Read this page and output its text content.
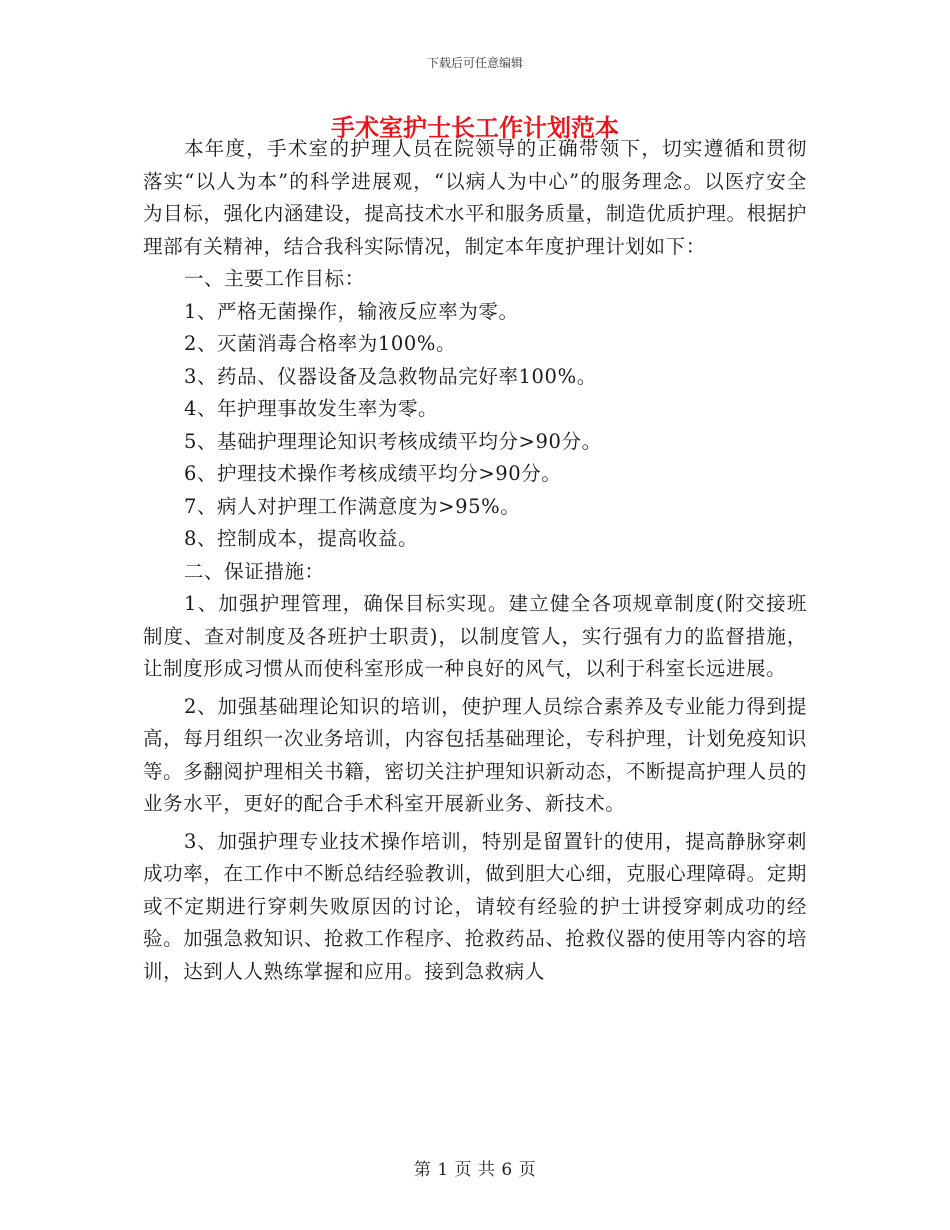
下载后可任意编辑
手术室护士长工作计划范本

本年度，手术室的护理人员在院领导的正确带领下，切实遵循和贯彻落实“以人为本”的科学进展观，“以病人为中心”的服务理念。以医疗安全为目标，强化内涵建设，提高技术水平和服务质量，制造优质护理。根据护理部有关精神，结合我科实际情况，制定本年度护理计划如下：

一、主要工作目标：

1、严格无菌操作，输液反应率为零。

2、灭菌消毒合格率为100%。

3、药品、仪器设备及急救物品完好率100%。

4、年护理事故发生率为零。

5、基础护理理论知识考核成绩平均分>90分。

6、护理技术操作考核成绩平均分>90分。

7、病人对护理工作满意度为>95%。

8、控制成本，提高收益。

二、保证措施：

1、加强护理管理，确保目标实现。建立健全各项规章制度(附交接班制度、查对制度及各班护士职责)，以制度管人，实行强有力的监督措施，让制度形成习惯从而使科室形成一种良好的风气，以利于科室长远进展。

2、加强基础理论知识的培训，使护理人员综合素养及专业能力得到提高，每月组织一次业务培训，内容包括基础理论，专科护理，计划免疫知识等。多翻阅护理相关书籍，密切关注护理知识新动态，不断提高护理人员的业务水平，更好的配合手术科室开展新业务、新技术。

3、加强护理专业技术操作培训，特别是留置针的使用，提高静脉穿刺成功率，在工作中不断总结经验教训，做到胆大心细，克服心理障碍。定期或不定期进行穿刺失败原因的讨论，请较有经验的护士讲授穿刺成功的经验。加强急救知识、抢救工作程序、抢救药品、抢救仪器的使用等内容的培训，达到人人熟练掌握和应用。接到急救病人

第 1 页 共 6 页
